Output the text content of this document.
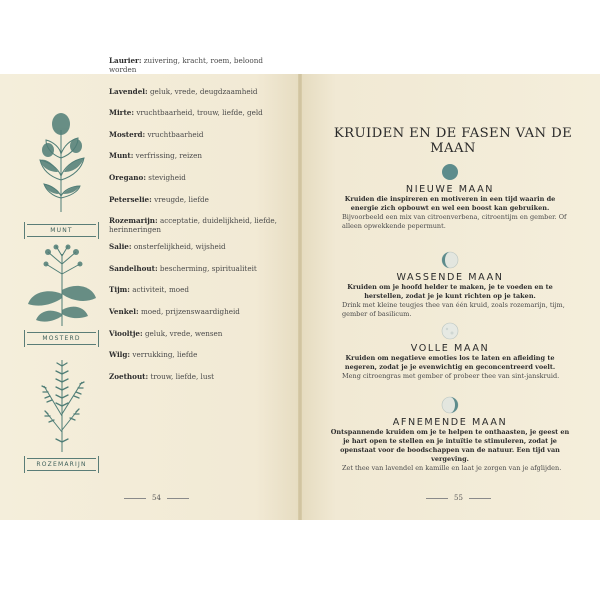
MUNT
MOSTERD
ROZEMARIJN
Laurier: zuivering, kracht, roem, beloond worden
Lavendel: geluk, vrede, deugdzaamheid
Mirte: vruchtbaarheid, trouw, liefde, geld
Mosterd: vruchtbaarheid
Munt: verfrissing, reizen
Oregano: stevigheid
Peterselie: vreugde, liefde
Rozemarijn: acceptatie, duidelijkheid, liefde, herinneringen
Salie: onsterfelijkheid, wijsheid
Sandelhout: bescherming, spiritualiteit
Tijm: activiteit, moed
Venkel: moed, prijzenswaardigheid
Viooltje: geluk, vrede, wensen
Wilg: verrukking, liefde
Zoethout: trouw, liefde, lust
54
KRUIDEN EN DE FASEN VAN DE MAAN
NIEUWE MAAN
Kruiden die inspireren en motiveren in een tijd waarin de energie zich opbouwt en wel een boost kan gebruiken.
Bijvoorbeeld een mix van citroenverbena, citroentijm en gember. Of alleen opwekkende pepermunt.
WASSENDE MAAN
Kruiden om je hoofd helder te maken, je te voeden en te herstellen, zodat je je kunt richten op je taken.
Drink met kleine teugjes thee van één kruid, zoals rozemarijn, tijm, gember of basilicum.
VOLLE MAAN
Kruiden om negatieve emoties los te laten en afleiding te negeren, zodat je je evenwichtig en geconcentreerd voelt.
Meng citroengras met gember of probeer thee van sint-janskruid.
AFNEMENDE MAAN
Ontspannende kruiden om je te helpen te onthaasten, je geest en je hart open te stellen en je intuïtie te stimuleren, zodat je openstaat voor de boodschappen van de natuur. Een tijd van vergeving.
Zet thee van lavendel en kamille en laat je zorgen van je afglijden.
55
